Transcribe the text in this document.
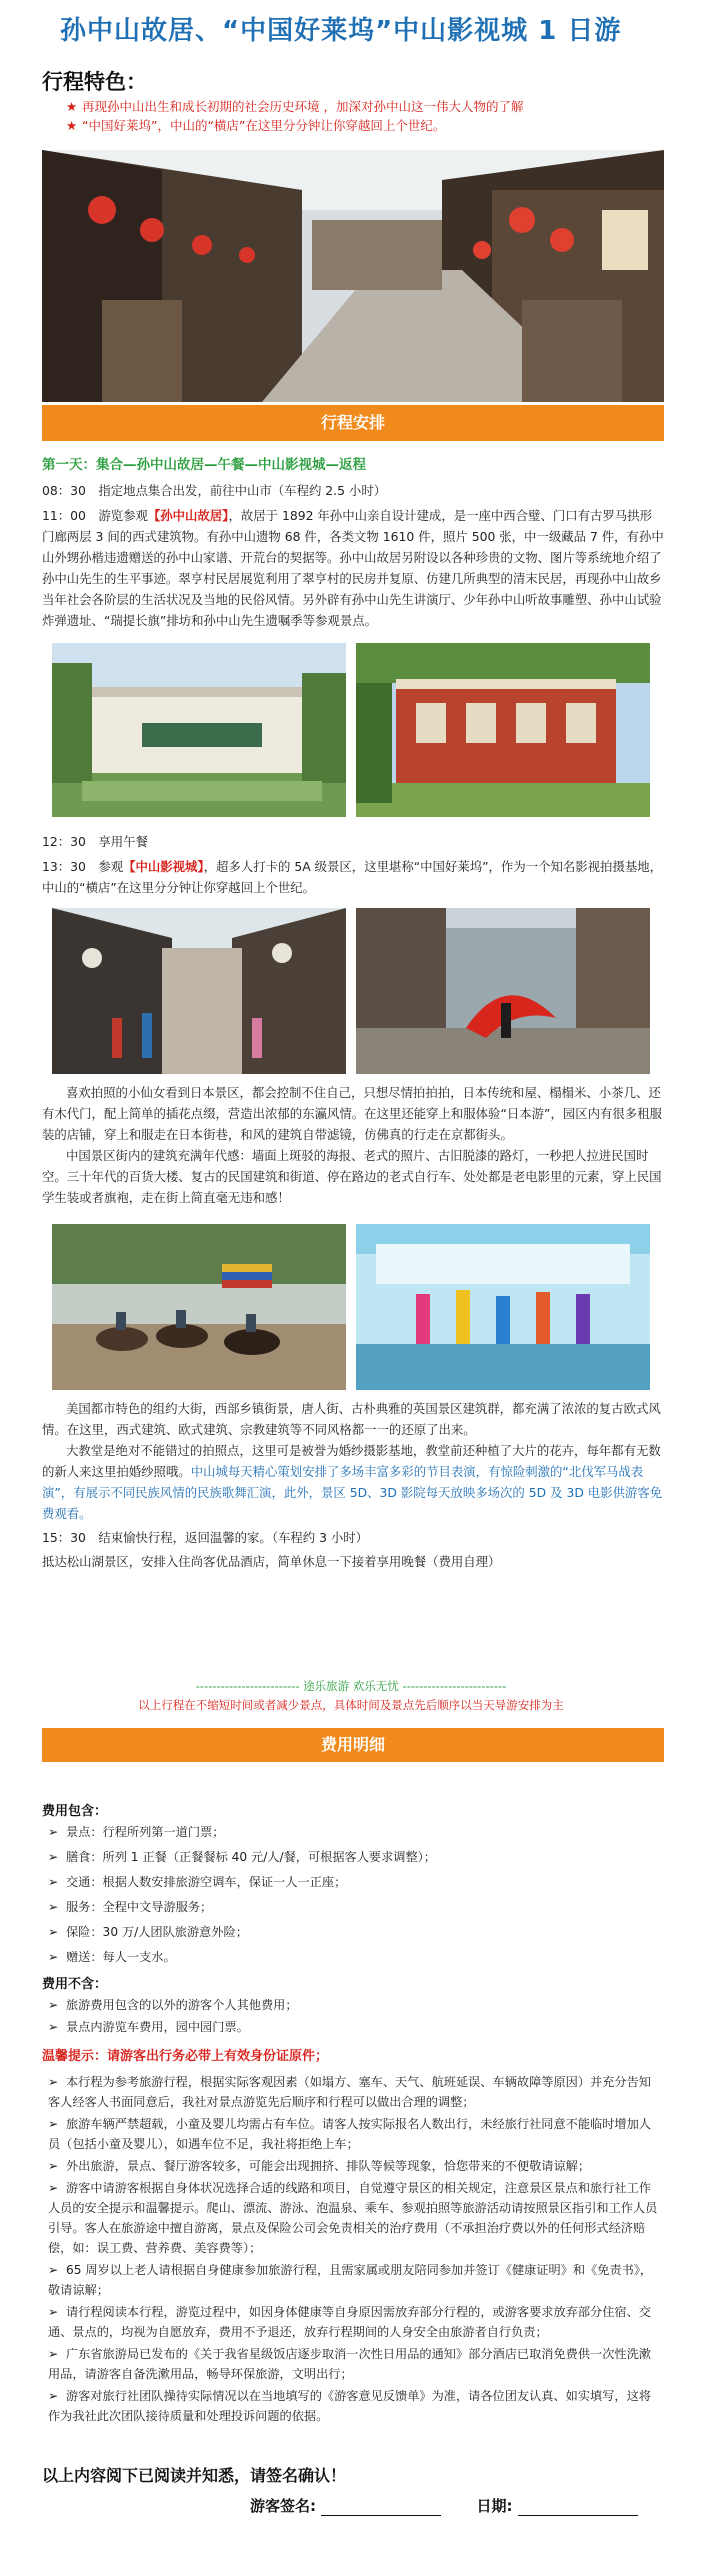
孙中山故居、“中国好莱坞”中山影视城 1 日游
行程特色：
★ 再现孙中山出生和成长初期的社会历史环境 ，加深对孙中山这一伟大人物的了解
★ “中国好莱坞”，中山的“横店”在这里分分钟让你穿越回上个世纪。
行程安排
第一天：集合—孙中山故居—午餐—中山影视城—返程
08：30　指定地点集合出发，前往中山市（车程约 2.5 小时）
11：00　游览参观【孙中山故居】，故居于 1892 年孙中山亲自设计建成，是一座中西合璧、门口有古罗马拱形门廊两层 3 间的西式建筑物。有孙中山遗物 68 件，各类文物 1610 件，照片 500 张，中一级藏品 7 件，有孙中山外甥孙楷违遗赠送的孙中山家谱、开荒台的契据等。孙中山故居另附设以各种珍贵的文物、图片等系统地介绍了孙中山先生的生平事迹。翠亨村民居展览利用了翠亨村的民房并复原、仿建几所典型的清末民居，再现孙中山故乡当年社会各阶层的生活状况及当地的民俗风情。另外辟有孙中山先生讲演厅、少年孙中山听故事雕塑、孙中山试验炸弹遗址、“瑞提长旗”排坊和孙中山先生遗嘱季等参观景点。
12：30　享用午餐
13：30　参观【中山影视城】，超多人打卡的 5A 级景区，这里堪称“中国好莱坞”，作为一个知名影视拍摄基地，中山的“横店”在这里分分钟让你穿越回上个世纪。
喜欢拍照的小仙女看到日本景区，都会控制不住自己，只想尽情拍拍拍，日本传统和屋、榻榻米、小茶几、还有木代门，配上简单的插花点缀，营造出浓郁的东瀛风情。在这里还能穿上和服体验“日本游”，园区内有很多租服装的店铺，穿上和服走在日本街巷，和风的建筑自带滤镜，仿佛真的行走在京都街头。
中国景区街内的建筑充满年代感：墙面上斑驳的海报、老式的照片、古旧脱漆的路灯，一秒把人拉进民国时空。三十年代的百货大楼、复古的民国建筑和街道、停在路边的老式自行车、处处都是老电影里的元素，穿上民国学生装或者旗袍，走在街上简直毫无违和感！
美国都市特色的组约大街，西部乡镇街景，唐人街、古朴典雅的英国景区建筑群，都充满了浓浓的复古欧式风情。在这里，西式建筑、欧式建筑、宗教建筑等不同风格都一一的还原了出来。
大教堂是绝对不能错过的拍照点，这里可是被誉为婚纱摄影基地，教堂前还种植了大片的花卉，每年都有无数的新人来这里拍婚纱照哦。中山城每天精心策划安排了多场丰富多彩的节目表演，有惊险刺激的“北伐军马战表演”，有展示不同民族风情的民族歌舞汇演，此外，景区 5D、3D 影院每天放映多场次的 5D 及 3D 电影供游客免费观看。
15：30　结束愉快行程，返回温馨的家。（车程约 3 小时）
抵达松山湖景区，安排入住尚客优品酒店，简单休息一下接着享用晚餐（费用自理）
------------------------- 途乐旅游 欢乐无忧 -------------------------
以上行程在不缩短时间或者减少景点，具体时间及景点先后顺序以当天导游安排为主
费用明细
费用包含：
➢ 景点：行程所列第一道门票；
➢ 膳食：所列 1 正餐（正餐餐标 40 元/人/餐，可根据客人要求调整）；
➢ 交通：根据人数安排旅游空调车，保证一人一正座；
➢ 服务：全程中文导游服务；
➢ 保险：30 万/人团队旅游意外险；
➢ 赠送：每人一支水。
费用不含：
➢ 旅游费用包含的以外的游客个人其他费用；
➢ 景点内游览车费用，园中园门票。
温馨提示：请游客出行务必带上有效身份证原件；
➢ 本行程为参考旅游行程，根据实际客观因素（如塌方、塞车、天气、航班延误、车辆故障等原因）并充分告知客人经客人书面同意后，我社对景点游览先后顺序和行程可以做出合理的调整；
➢ 旅游车辆严禁超载，小童及婴儿均需占有车位。请客人按实际报名人数出行，未经旅行社同意不能临时增加人员（包括小童及婴儿），如遇车位不足，我社将拒绝上车；
➢ 外出旅游，景点、餐厅游客较多，可能会出现拥挤、排队等候等现象，恰您带来的不便敬请谅解；
➢ 游客中请游客根据自身体状况选择合适的线路和项目，自觉遵守景区的相关规定，注意景区景点和旅行社工作人员的安全提示和温馨提示。爬山、漂流、游泳、泡温泉、乘车、参观拍照等旅游活动请按照景区指引和工作人员引导。客人在旅游途中擅自游离，景点及保险公司会免责相关的治疗费用（不承担治疗费以外的任何形式经济赔偿，如：误工费、营养费、美容费等）；
➢ 65 周岁以上老人请根据自身健康参加旅游行程，且需家属或朋友陪同参加并签订《健康证明》和《免责书》，敬请谅解；
➢ 请行程阅读本行程，游览过程中，如因身体健康等自身原因需放弃部分行程的，或游客要求放弃部分住宿、交通、景点的，均视为自愿放弃，费用不予退还，放弃行程期间的人身安全由旅游者自行负责；
➢ 广东省旅游局已发布的《关于我省星级饭店逐步取消一次性日用品的通知》部分酒店已取消免费供一次性洗漱用品，请游客自备洗漱用品，畅导环保旅游，文明出行；
➢ 游客对旅行社团队操待实际情况以在当地填写的《游客意见反馈单》为准，请各位团友认真、如实填写，这将作为我社此次团队接待质量和处理投诉问题的依据。
以上内容阅下已阅读并知悉，请签名确认！
游客签名:	日期:
